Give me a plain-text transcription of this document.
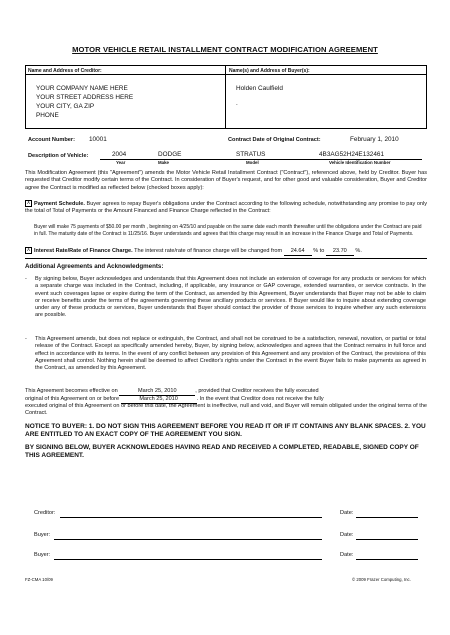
MOTOR VEHICLE RETAIL INSTALLMENT CONTRACT MODIFICATION AGREEMENT
Name and Address of Creditor:	Name(s) and Address of Buyer(s):
YOUR COMPANY NAME HERE
YOUR STREET ADDRESS HERE
YOUR CITY, GA ZIP
PHONE
Holden Caulfield
.
Account Number: 10001	Contract Date of Original Contract:	February 1, 2010
Description of Vehicle:	2004	DODGE	STRATUS	4B3AG52H24E132461
Year	Make	Model	Vehicle Identification Number
This Modification Agreement (this "Agreement") amends the Motor Vehicle Retail Installment Contract ("Contract"), referenced above, held by Creditor. Buyer has requested that Creditor modify certain terms of the Contract. In consideration of Buyer's request, and for other good and valuable consideration, Buyer and Creditor agree the Contract is modified as reflected below (checked boxes apply):
X Payment Schedule. Buyer agrees to repay Buyer's obligations under the Contract according to the following schedule, notwithstanding any promise to pay only the total of Total of Payments or the Amount Financed and Finance Charge reflected in the Contract:
Buyer will make 75 payments of $50.00 per month , beginning on 4/25/10 and payable on the same date each month thereafter until the obligations under the Contract are paid in full. The maturity date of the Contract is 11/25/16. Buyer understands and agrees that this charge may result in an increase in the Finance Charge and Total of Payments.
X Interest Rate/Rate of Finance Charge. The interest rate/rate of finance charge will be changed from 24.64 % to 23.70 %.
Additional Agreements and Acknowledgments:
-	By signing below, Buyer acknowledges and understands that this Agreement does not include an extension of coverage for any products or services for which a separate charge was included in the Contract, including, if applicable, any insurance or GAP coverage, extended warranties, or service contracts. In the event such coverages lapse or expire during the term of the Contract, as amended by this Agreement, Buyer understands that Buyer may not be able to claim or receive benefits under the terms of the agreements governing these ancillary products or services. If Buyer would like to inquire about extending coverage under any of these products or services, Buyer understands that Buyer should contact the provider of those services to inquire whether any such extensions are possible.
-	This Agreement amends, but does not replace or extinguish, the Contract, and shall not be construed to be a satisfaction, renewal, novation, or partial or total release of the Contract. Except as specifically amended hereby, Buyer, by signing below, acknowledges and agrees that the Contract remains in full force and effect in accordance with its terms. In the event of any conflict between any provision of this Agreement and any provision of the Contract, the provisions of this Agreement shall control. Nothing herein shall be deemed to affect Creditor's rights under the Contract in the event Buyer fails to make payments as agreed in the Contract, as amended by this Agreement.
This Agreement becomes effective on	March 25, 2010	, provided that Creditor receives the fully executed
original of this Agreement on or before	March 25, 2010	. In the event that Creditor does not receive the fully
executed original of this Agreement on or before this date, the Agreement is ineffective, null and void, and Buyer will remain obligated under the original terms of the Contract.
NOTICE TO BUYER: 1. DO NOT SIGN THIS AGREEMENT BEFORE YOU READ IT OR IF IT CONTAINS ANY BLANK SPACES. 2. YOU ARE ENTITLED TO AN EXACT COPY OF THE AGREEMENT YOU SIGN.
BY SIGNING BELOW, BUYER ACKNOWLEDGES HAVING READ AND RECEIVED A COMPLETED, READABLE, SIGNED COPY OF THIS AGREEMENT.
Creditor:	Date:
Buyer:	Date:
Buyer:	Date:
FZ-CMA 10/09	© 2009 Frazer Computing, Inc.
